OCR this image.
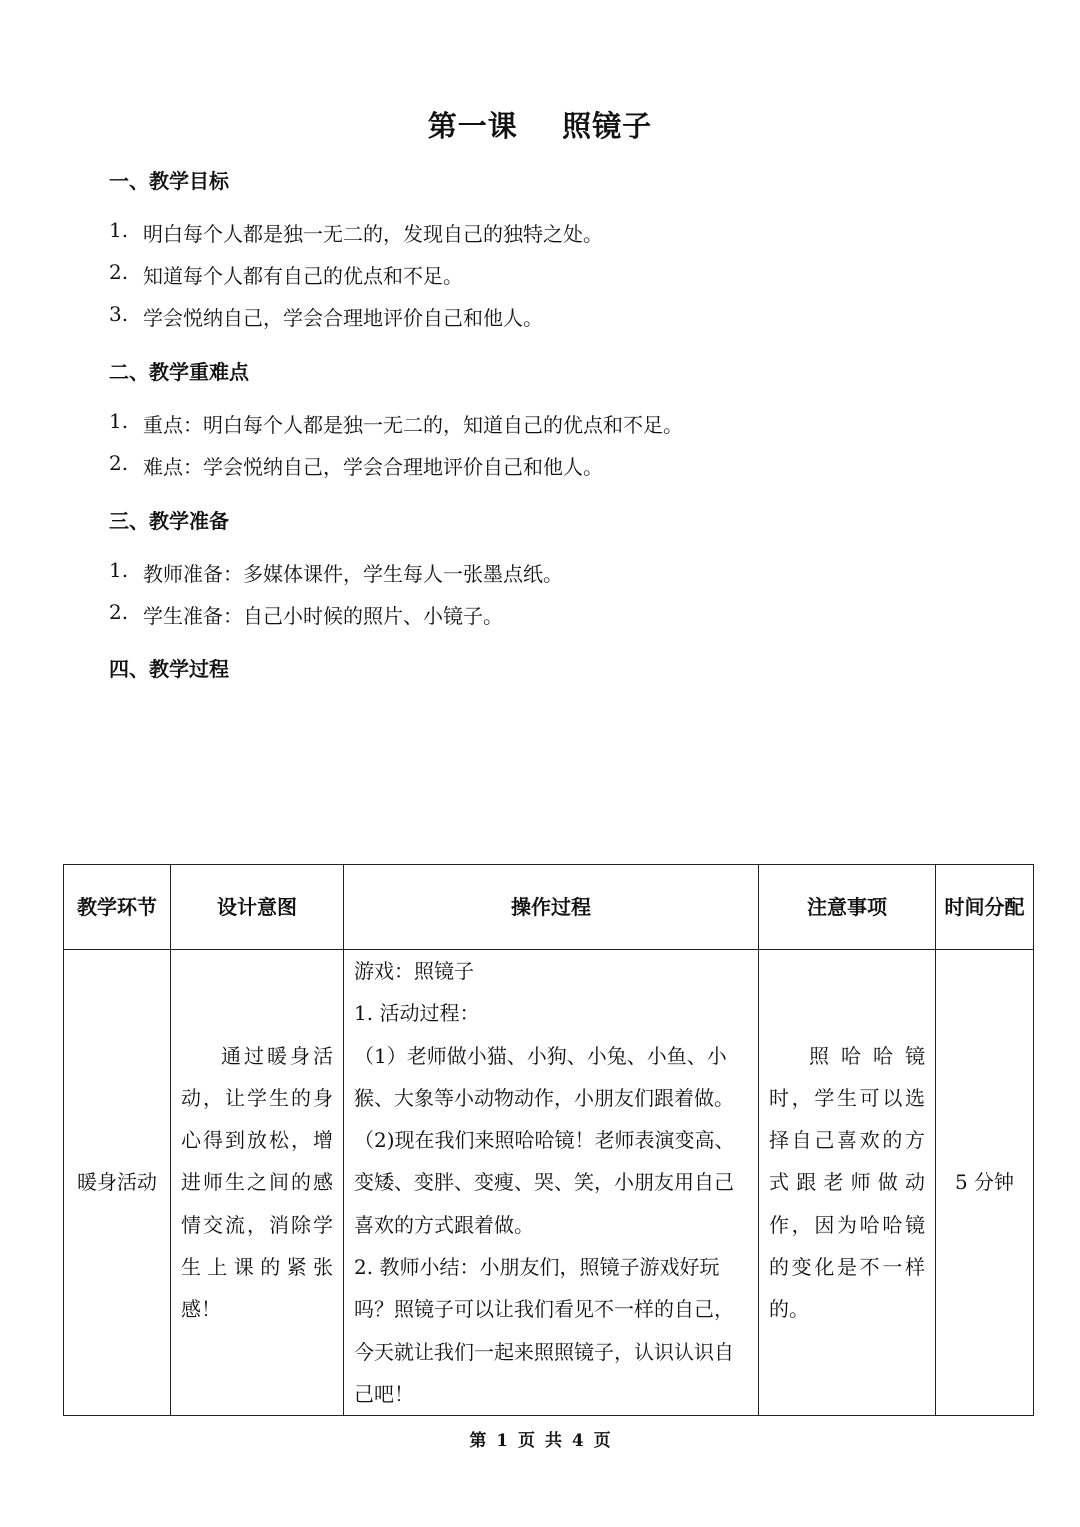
第一课    照镜子
一、教学目标
1. 明白每个人都是独一无二的，发现自己的独特之处。
2. 知道每个人都有自己的优点和不足。
3. 学会悦纳自己，学会合理地评价自己和他人。
二、教学重难点
1. 重点：明白每个人都是独一无二的，知道自己的优点和不足。
2. 难点：学会悦纳自己，学会合理地评价自己和他人。
三、教学准备
1. 教师准备：多媒体课件，学生每人一张墨点纸。
2. 学生准备：自己小时候的照片、小镜子。
四、教学过程
教学环节	设计意图	操作过程	注意事项	时间分配
暖身活动	通过暖身活动，让学生的身心得到放松，增进师生之间的感情交流，消除学生上课的紧张感！	游戏：照镜子
1. 活动过程：
（1）老师做小猫、小狗、小兔、小鱼、小猴、大象等小动物动作，小朋友们跟着做。
（2)现在我们来照哈哈镜！老师表演变高、变矮、变胖、变瘦、哭、笑，小朋友用自己喜欢的方式跟着做。
2. 教师小结：小朋友们，照镜子游戏好玩吗？照镜子可以让我们看见不一样的自己，今天就让我们一起来照照镜子，认识认识自己吧！	照哈哈镜时，学生可以选择自己喜欢的方式跟老师做动作，因为哈哈镜的变化是不一样的。	5 分钟
第 1 页 共 4 页
